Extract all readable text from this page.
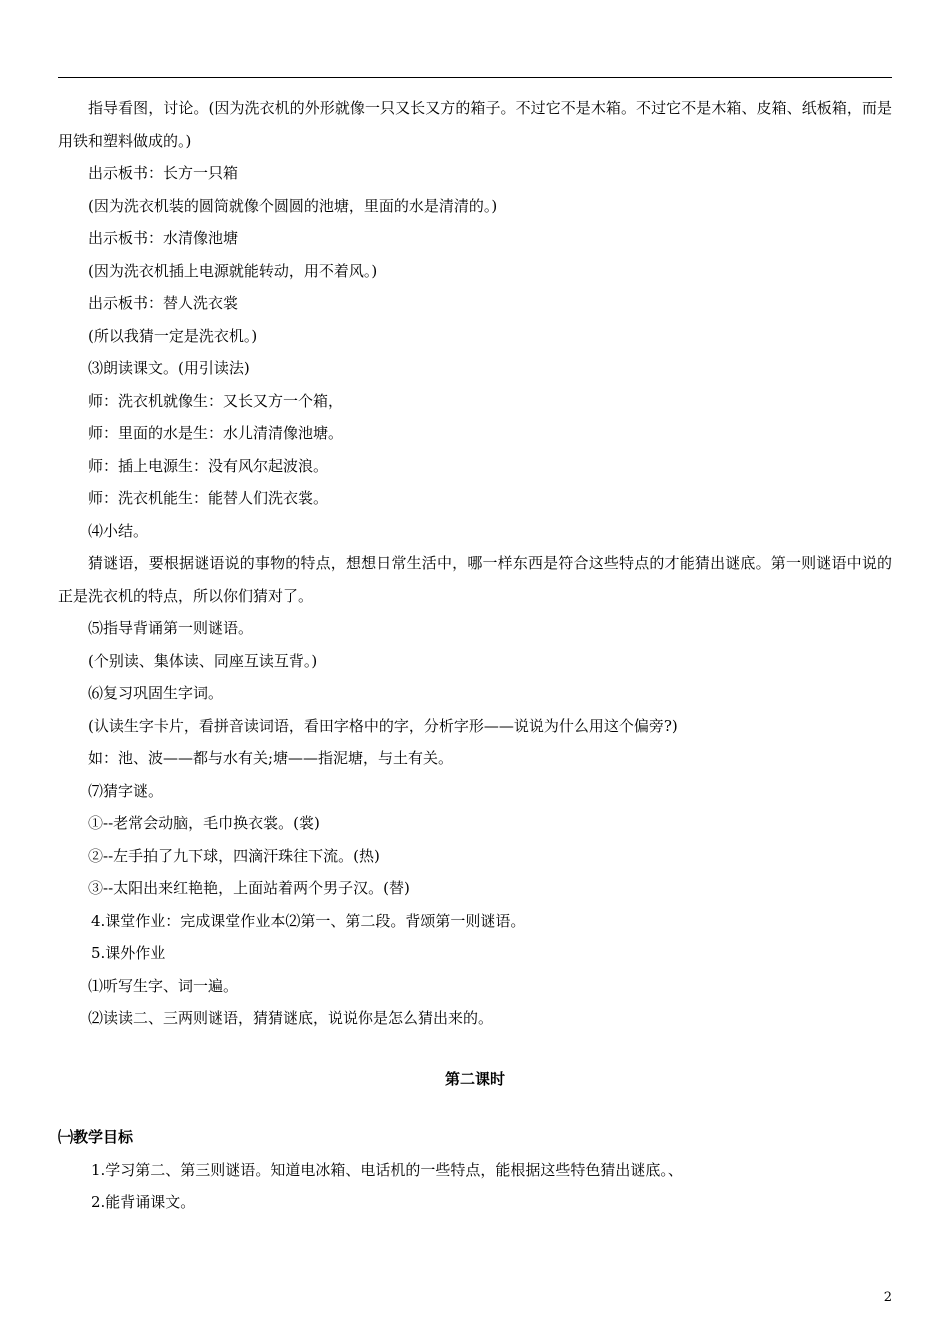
指导看图，讨论。(因为洗衣机的外形就像一只又长又方的箱子。不过它不是木箱。不过它不是木箱、皮箱、纸板箱，而是用铁和塑料做成的。)
出示板书：长方一只箱
(因为洗衣机装的圆筒就像个圆圆的池塘，里面的水是清清的。)
出示板书：水清像池塘
(因为洗衣机插上电源就能转动，用不着风。)
出示板书：替人洗衣裳
(所以我猜一定是洗衣机。)
⑶朗读课文。(用引读法)
师：洗衣机就像生：又长又方一个箱，
师：里面的水是生：水儿清清像池塘。
师：插上电源生：没有风尔起波浪。
师：洗衣机能生：能替人们洗衣裳。
⑷小结。
猜谜语，要根据谜语说的事物的特点，想想日常生活中，哪一样东西是符合这些特点的才能猜出谜底。第一则谜语中说的正是洗衣机的特点，所以你们猜对了。
⑸指导背诵第一则谜语。
(个别读、集体读、同座互读互背。)
⑹复习巩固生字词。
(认读生字卡片，看拼音读词语，看田字格中的字，分析字形——说说为什么用这个偏旁?)
如：池、波——都与水有关;塘——指泥塘，与土有关。
⑺猜字谜。
①--老常会动脑，毛巾换衣裳。(裳)
②--左手拍了九下球，四滴汗珠往下流。(热)
③--太阳出来红艳艳，上面站着两个男子汉。(替)
4.课堂作业：完成课堂作业本⑵第一、第二段。背颂第一则谜语。
5.课外作业
⑴听写生字、词一遍。
⑵读读二、三两则谜语，猜猜谜底，说说你是怎么猜出来的。
第二课时
㈠教学目标
1.学习第二、第三则谜语。知道电冰箱、电话机的一些特点，能根据这些特色猜出谜底。、
2.能背诵课文。
2
